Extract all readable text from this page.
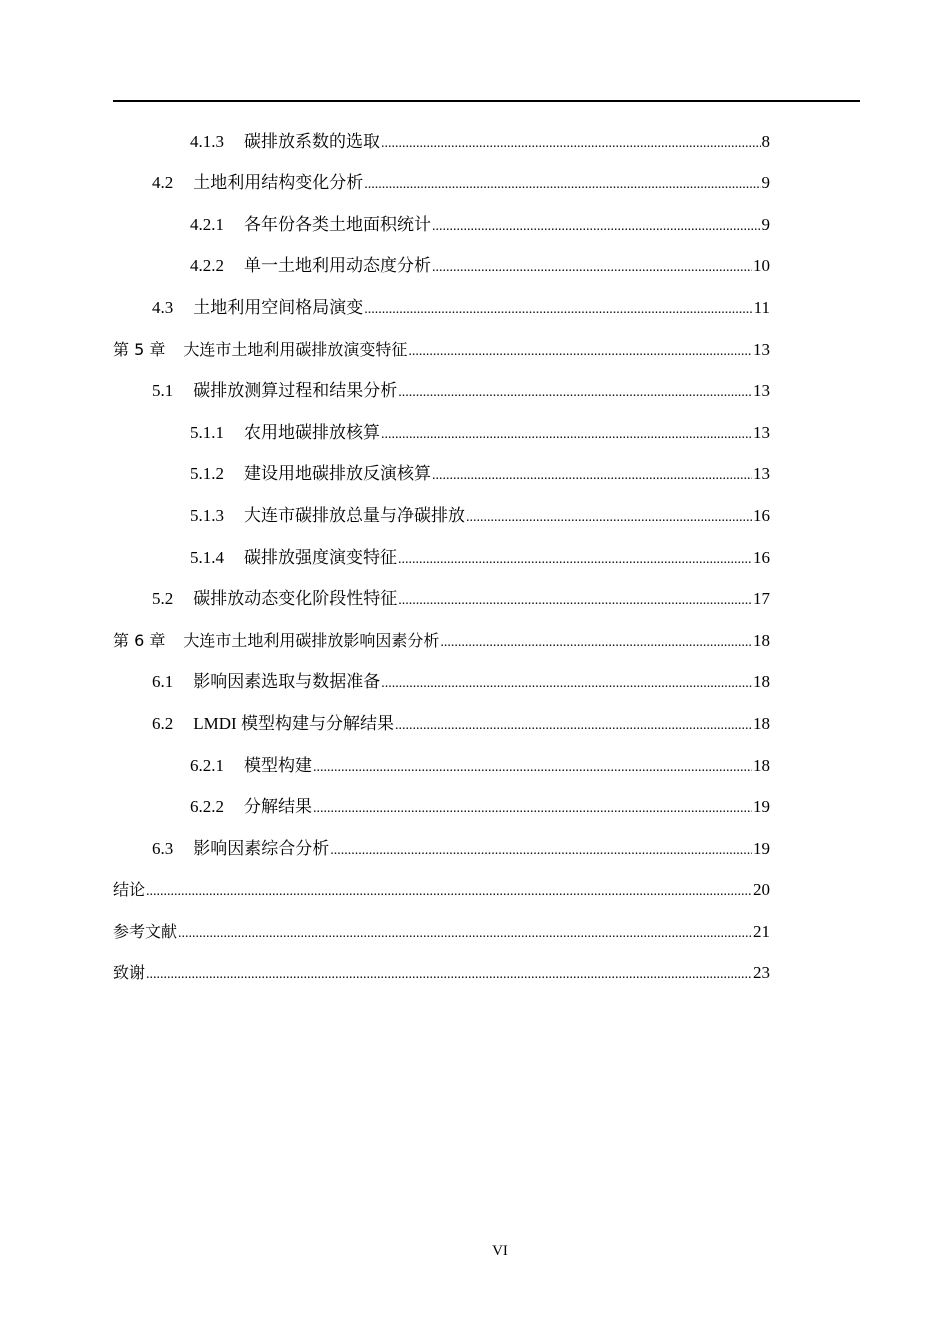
4.1.3 碳排放系数的选取 .....	8
4.2 土地利用结构变化分析 .....	9
4.2.1 各年份各类土地面积统计 .....	9
4.2.2 单一土地利用动态度分析 .....	10
4.3 土地利用空间格局演变 .....	11
第 5 章 大连市土地利用碳排放演变特征 .....	13
5.1 碳排放测算过程和结果分析 .....	13
5.1.1 农用地碳排放核算 .....	13
5.1.2 建设用地碳排放反演核算 .....	13
5.1.3 大连市碳排放总量与净碳排放 .....	16
5.1.4 碳排放强度演变特征 .....	16
5.2 碳排放动态变化阶段性特征 .....	17
第 6 章 大连市土地利用碳排放影响因素分析 .....	18
6.1 影响因素选取与数据准备 .....	18
6.2 LMDI 模型构建与分解结果 .....	18
6.2.1 模型构建 .....	18
6.2.2 分解结果 .....	19
6.3 影响因素综合分析 .....	19
结论 .....	20
参考文献 .....	21
致谢 .....	23
VI
